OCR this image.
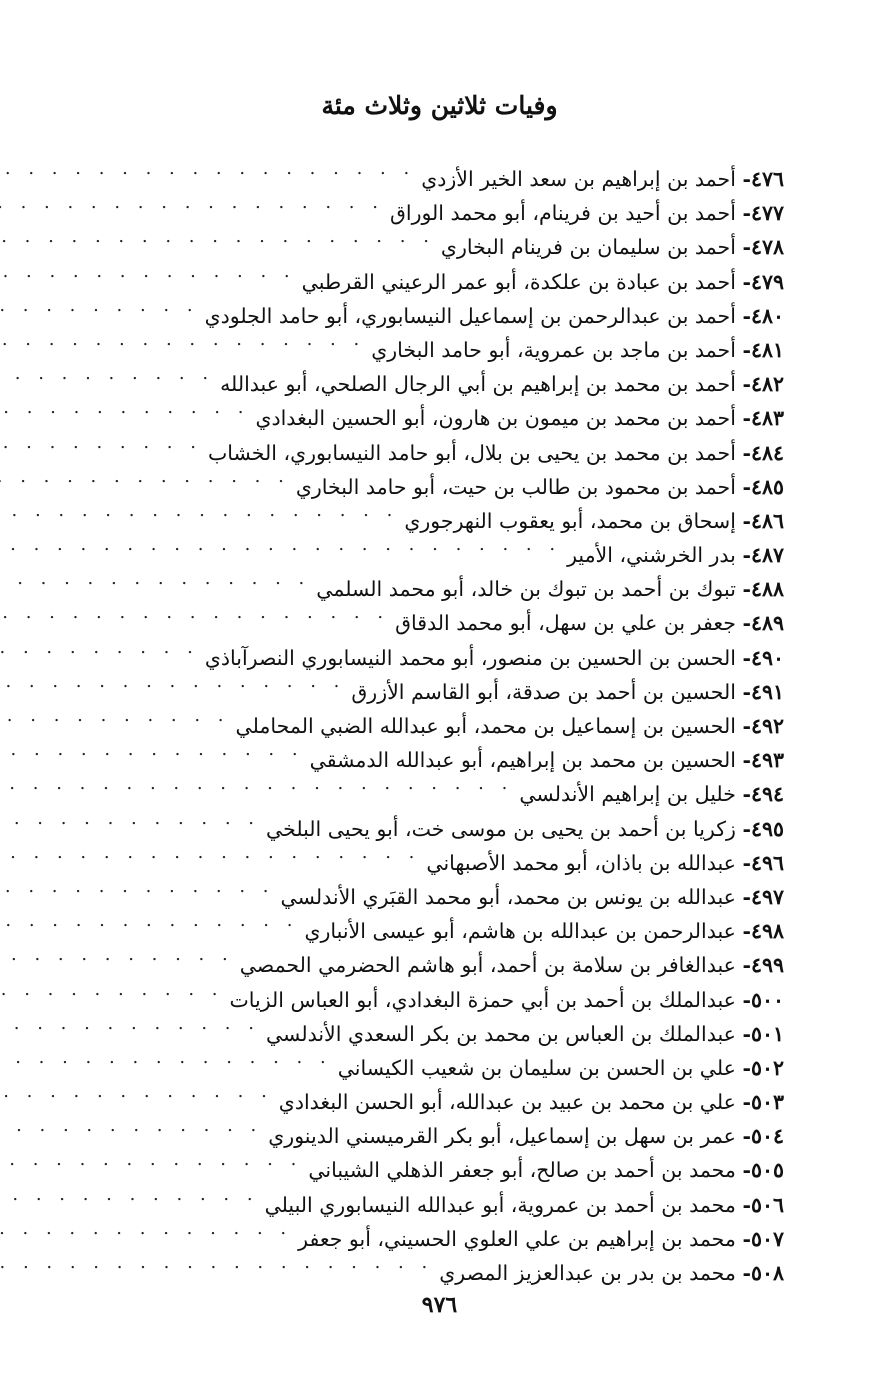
وفيات ثلاثين وثلاث مئة
٤٧٦- أحمد بن إبراهيم بن سعد الخير الأزدي
. . .
٤٧٧- أحمد بن أحيد بن فرينام، أبو محمد الوراق
. . .
٤٧٨- أحمد بن سليمان بن فرينام البخاري
. . .
٤٧٩- أحمد بن عبادة بن علكدة، أبو عمر الرعيني القرطبي
. . .
٤٨٠- أحمد بن عبدالرحمن بن إسماعيل النيسابوري، أبو حامد الجلودي
. . .
٤٨١- أحمد بن ماجد بن عمروية، أبو حامد البخاري
. . .
٤٨٢- أحمد بن محمد بن إبراهيم بن أبي الرجال الصلحي، أبو عبدالله
. . .
٤٨٣- أحمد بن محمد بن ميمون بن هارون، أبو الحسين البغدادي
. . .
٤٨٤- أحمد بن محمد بن يحيى بن بلال، أبو حامد النيسابوري، الخشاب
. . .
٤٨٥- أحمد بن محمود بن طالب بن حيت، أبو حامد البخاري
. . .
٤٨٦- إسحاق بن محمد، أبو يعقوب النهرجوري
. . .
٤٨٧- بدر الخرشني، الأمير
. . .
٤٨٨- تبوك بن أحمد بن تبوك بن خالد، أبو محمد السلمي
. . .
٤٨٩- جعفر بن علي بن سهل، أبو محمد الدقاق
. . .
٤٩٠- الحسن بن الحسين بن منصور، أبو محمد النيسابوري النصرآباذي
. . .
٤٩١- الحسين بن أحمد بن صدقة، أبو القاسم الأزرق
. . .
٤٩٢- الحسين بن إسماعيل بن محمد، أبو عبدالله الضبي المحاملي
. . .
٤٩٣- الحسين بن محمد بن إبراهيم، أبو عبدالله الدمشقي
. . .
٤٩٤- خليل بن إبراهيم الأندلسي
. . .
٤٩٥- زكريا بن أحمد بن يحيى بن موسى خت، أبو يحيى البلخي
. . .
٤٩٦- عبدالله بن باذان، أبو محمد الأصبهاني
. . .
٤٩٧- عبدالله بن يونس بن محمد، أبو محمد القبَري الأندلسي
. . .
٤٩٨- عبدالرحمن بن عبدالله بن هاشم، أبو عيسى الأنباري
. . .
٤٩٩- عبدالغافر بن سلامة بن أحمد، أبو هاشم الحضرمي الحمصي
. . .
٥٠٠- عبدالملك بن أحمد بن أبي حمزة البغدادي، أبو العباس الزيات
. . .
٥٠١- عبدالملك بن العباس بن محمد بن بكر السعدي الأندلسي
. . .
٥٠٢- علي بن الحسن بن سليمان بن شعيب الكيساني
. . .
٥٠٣- علي بن محمد بن عبيد بن عبدالله، أبو الحسن البغدادي
. . .
٥٠٤- عمر بن سهل بن إسماعيل، أبو بكر القرميسني الدينوري
. . .
٥٠٥- محمد بن أحمد بن صالح، أبو جعفر الذهلي الشيباني
. . .
٥٠٦- محمد بن أحمد بن عمروية، أبو عبدالله النيسابوري البيلي
. . .
٥٠٧- محمد بن إبراهيم بن علي العلوي الحسيني، أبو جعفر
. . .
٥٠٨- محمد بن بدر بن عبدالعزيز المصري
. . .
٩٧٦
